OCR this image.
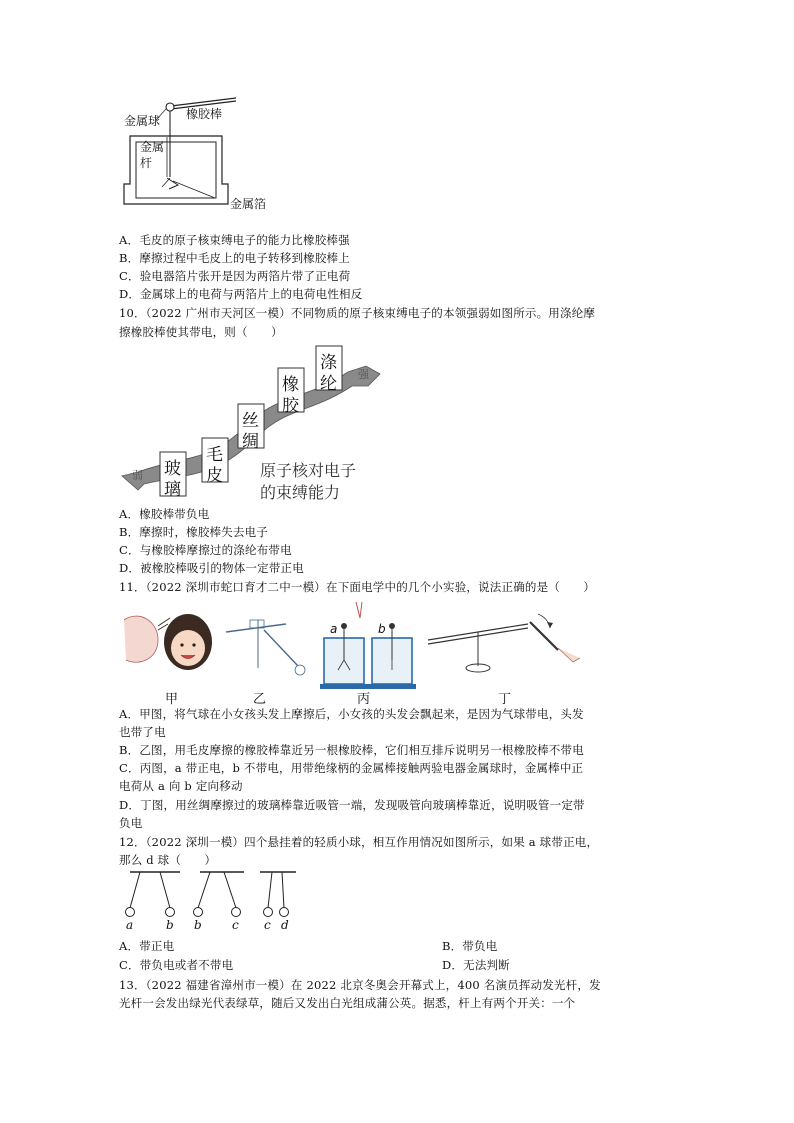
金属球 橡胶棒
金属
杆
金属箔
A．毛皮的原子核束缚电子的能力比橡胶棒强
B．摩擦过程中毛皮上的电子转移到橡胶棒上
C．验电器箔片张开是因为两箔片带了正电荷
D．金属球上的电荷与两箔片上的电荷电性相反
10．（2022 广州市天河区一模）不同物质的原子核束缚电子的本领强弱如图所示。用涤纶摩
擦橡胶棒使其带电，则（　　）
弱
强
玻
璃
毛
皮
丝
绸
橡
胶
涤
纶
原子核对电子
的束缚能力
A．橡胶棒带负电
B．摩擦时，橡胶棒失去电子
C．与橡胶棒摩擦过的涤纶布带电
D．被橡胶棒吸引的物体一定带正电
11．（2022 深圳市蛇口育才二中一模）在下面电学中的几个小实验，说法正确的是（　　）
a	b
甲	乙	丙	丁
A．甲图，将气球在小女孩头发上摩擦后，小女孩的头发会飘起来，是因为气球带电，头发
也带了电
B．乙图，用毛皮摩擦的橡胶棒靠近另一根橡胶棒，它们相互排斥说明另一根橡胶棒不带电
C．丙图，a 带正电，b 不带电，用带绝缘柄的金属棒接触两验电器金属球时，金属棒中正
电荷从 a 向 b 定向移动
D．丁图，用丝绸摩擦过的玻璃棒靠近吸管一端，发现吸管向玻璃棒靠近，说明吸管一定带
负电
12．（2022 深圳一模）四个悬挂着的轻质小球，相互作用情况如图所示，如果 a 球带正电，
那么 d 球（　　）
a	b b	c c d
A．带正电	B．带负电
C．带负电或者不带电	D．无法判断
13．（2022 福建省漳州市一模）在 2022 北京冬奥会开幕式上，400 名演员挥动发光杆，发
光杆一会发出绿光代表绿草，随后又发出白光组成蒲公英。据悉，杆上有两个开关：一个
